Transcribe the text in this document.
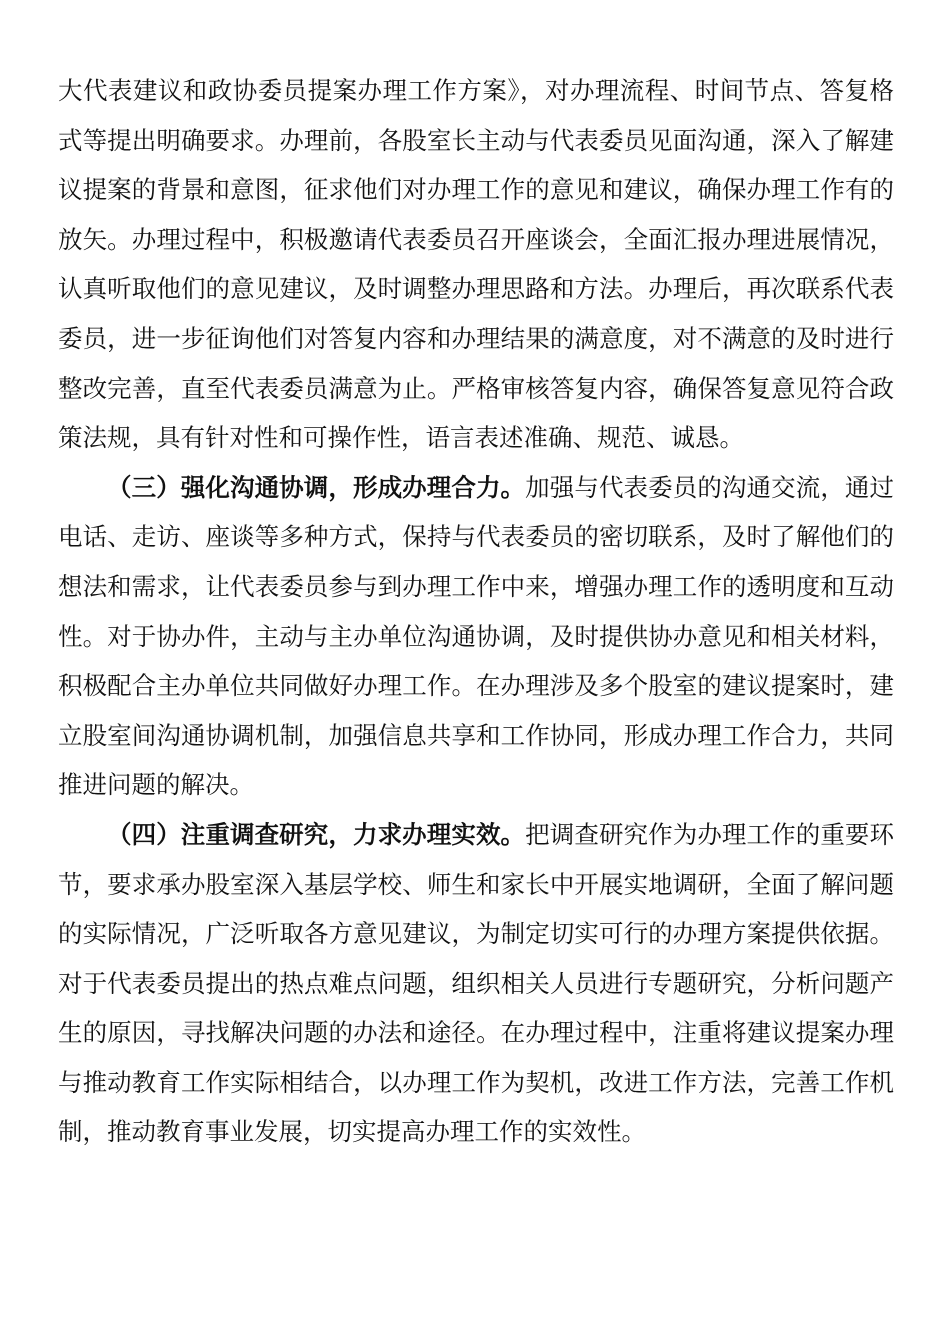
大代表建议和政协委员提案办理工作方案》，对办理流程、时间节点、答复格式等提出明确要求。办理前，各股室长主动与代表委员见面沟通，深入了解建议提案的背景和意图，征求他们对办理工作的意见和建议，确保办理工作有的放矢。办理过程中，积极邀请代表委员召开座谈会，全面汇报办理进展情况，认真听取他们的意见建议，及时调整办理思路和方法。办理后，再次联系代表委员，进一步征询他们对答复内容和办理结果的满意度，对不满意的及时进行整改完善，直至代表委员满意为止。严格审核答复内容，确保答复意见符合政策法规，具有针对性和可操作性，语言表述准确、规范、诚恳。

（三）强化沟通协调，形成办理合力。加强与代表委员的沟通交流，通过电话、走访、座谈等多种方式，保持与代表委员的密切联系，及时了解他们的想法和需求，让代表委员参与到办理工作中来，增强办理工作的透明度和互动性。对于协办件，主动与主办单位沟通协调，及时提供协办意见和相关材料，积极配合主办单位共同做好办理工作。在办理涉及多个股室的建议提案时，建立股室间沟通协调机制，加强信息共享和工作协同，形成办理工作合力，共同推进问题的解决。

（四）注重调查研究，力求办理实效。把调查研究作为办理工作的重要环节，要求承办股室深入基层学校、师生和家长中开展实地调研，全面了解问题的实际情况，广泛听取各方意见建议，为制定切实可行的办理方案提供依据。对于代表委员提出的热点难点问题，组织相关人员进行专题研究，分析问题产生的原因，寻找解决问题的办法和途径。在办理过程中，注重将建议提案办理与推动教育工作实际相结合，以办理工作为契机，改进工作方法，完善工作机制，推动教育事业发展，切实提高办理工作的实效性。
